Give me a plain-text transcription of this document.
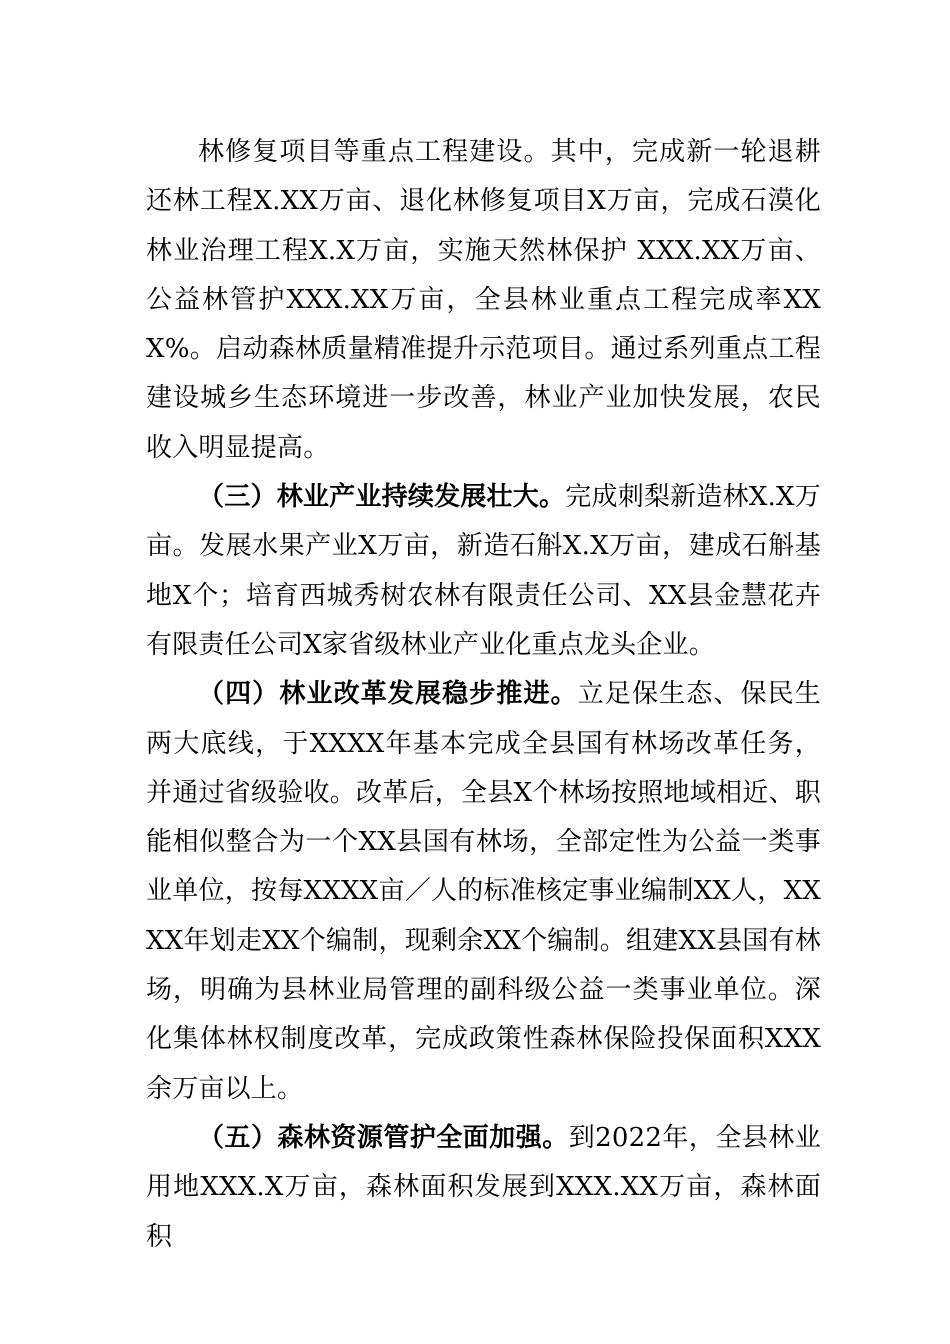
林修复项目等重点工程建设。其中，完成新一轮退耕还林工程X.XX万亩、退化林修复项目X万亩，完成石漠化林业治理工程X.X万亩，实施天然林保护 XXX.XX万亩、公益林管护XXX.XX万亩，全县林业重点工程完成率XXX%。启动森林质量精准提升示范项目。通过系列重点工程建设城乡生态环境进一步改善，林业产业加快发展，农民收入明显提高。

（三）林业产业持续发展壮大。完成刺梨新造林X.X万亩。发展水果产业X万亩，新造石斛X.X万亩，建成石斛基地X个；培育西城秀树农林有限责任公司、XX县金慧花卉有限责任公司X家省级林业产业化重点龙头企业。

（四）林业改革发展稳步推进。立足保生态、保民生两大底线，于XXXX年基本完成全县国有林场改革任务，并通过省级验收。改革后，全县X个林场按照地域相近、职能相似整合为一个XX县国有林场，全部定性为公益一类事业单位，按每XXXX亩／人的标准核定事业编制XX人，XXXX年划走XX个编制，现剩余XX个编制。组建XX县国有林场，明确为县林业局管理的副科级公益一类事业单位。深化集体林权制度改革，完成政策性森林保险投保面积XXX余万亩以上。

（五）森林资源管护全面加强。到2022年，全县林业用地XXX.X万亩，森林面积发展到XXX.XX万亩，森林面积
